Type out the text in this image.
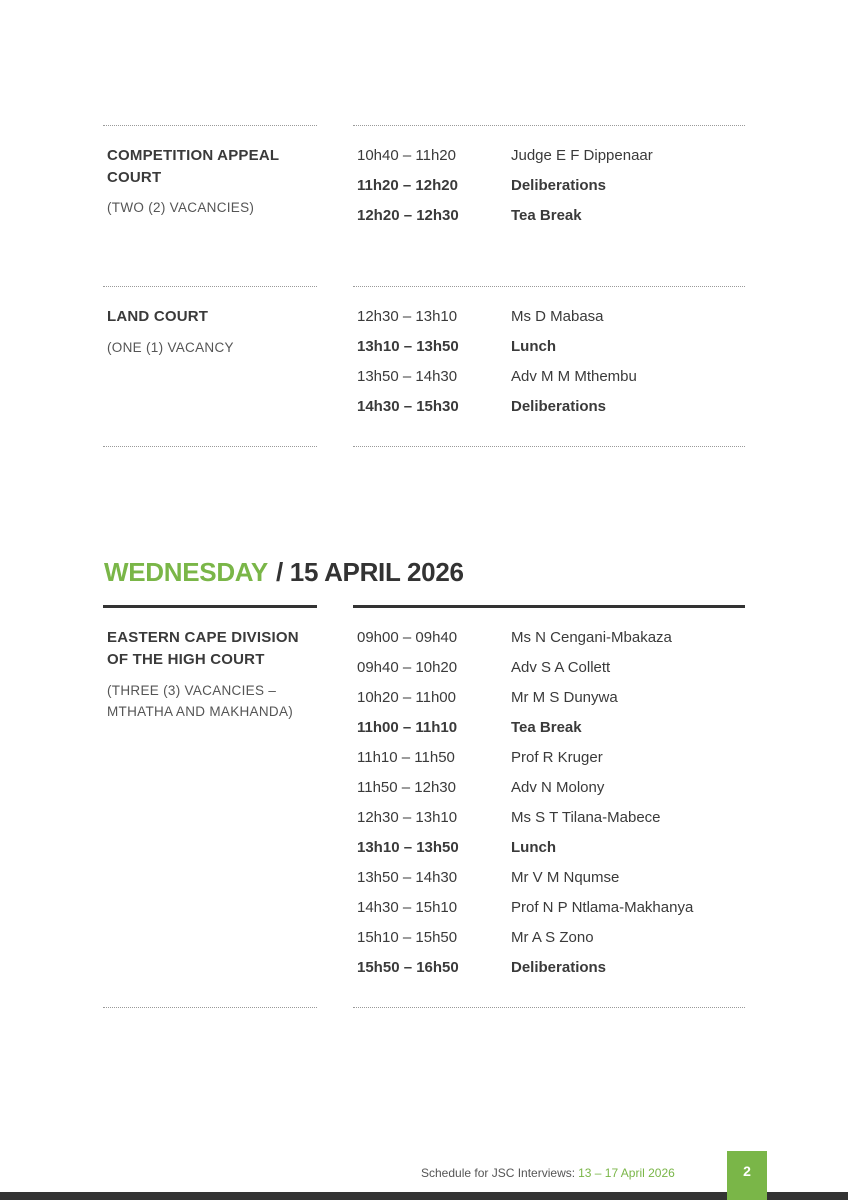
COMPETITION APPEAL
COURT
(TWO (2) VACANCIES)
10h40 – 11h20	Judge E F Dippenaar
11h20 – 12h20	Deliberations
12h20 – 12h30	Tea Break
LAND COURT
(ONE (1) VACANCY
12h30 – 13h10	Ms D Mabasa
13h10 – 13h50	Lunch
13h50 – 14h30	Adv M M Mthembu
14h30 – 15h30	Deliberations
WEDNESDAY / 15 APRIL 2026
EASTERN CAPE DIVISION
OF THE HIGH COURT
(THREE (3) VACANCIES –
MTHATHA AND MAKHANDA)
09h00 – 09h40	Ms N Cengani-Mbakaza
09h40 – 10h20	Adv S A Collett
10h20 – 11h00	Mr M S Dunywa
11h00 – 11h10	Tea Break
11h10 – 11h50	Prof R Kruger
11h50 – 12h30	Adv N Molony
12h30 – 13h10	Ms S T Tilana-Mabece
13h10 – 13h50	Lunch
13h50 – 14h30	Mr V M Nqumse
14h30 – 15h10	Prof N P Ntlama-Makhanya
15h10 – 15h50	Mr A S Zono
15h50 – 16h50	Deliberations
Schedule for JSC Interviews: 13 – 17 April 2026	2
